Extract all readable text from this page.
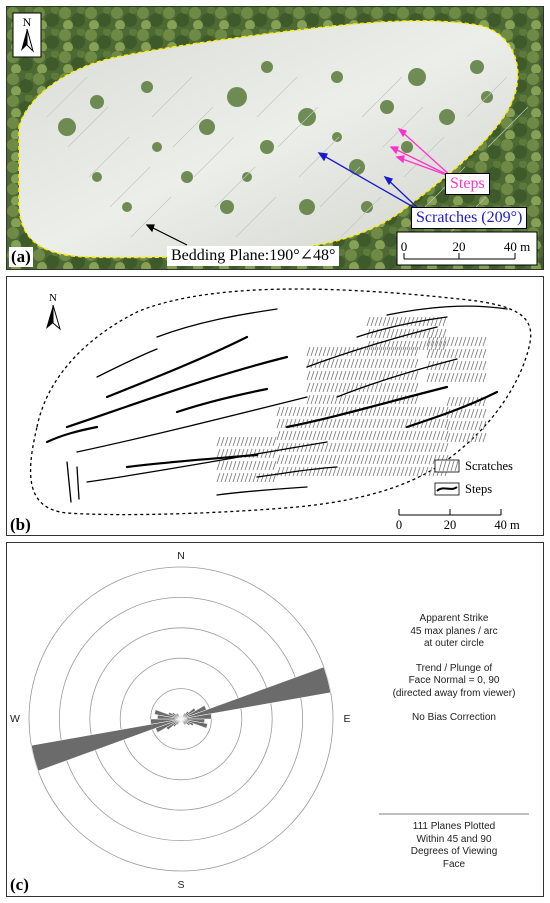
N
0	20	40 m
Steps
Scratches (209°)
Bedding Plane:190°∠48°
(a)
N
Scratches
Steps
0	20	40 m
(b)
N
E
S
W
Apparent Strike
45 max planes / arc
at outer circle
Trend / Plunge of
Face Normal = 0, 90
(directed away from viewer)
No Bias Correction
111 Planes Plotted
Within 45 and 90
Degrees of Viewing
Face
(c)
